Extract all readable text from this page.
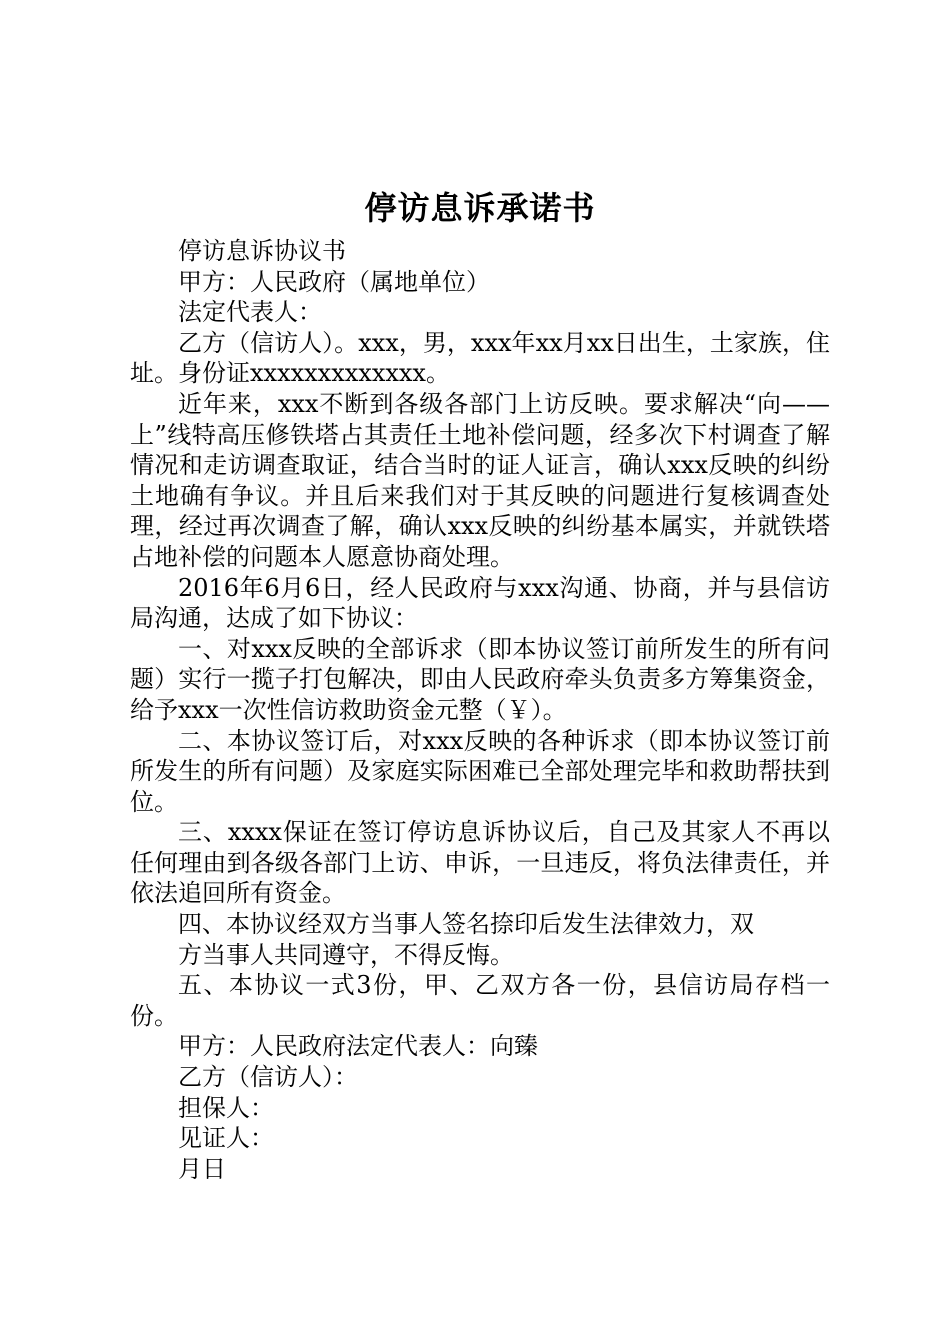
停访息诉承诺书

停访息诉协议书

甲方：人民政府（属地单位）

法定代表人：

乙方（信访人）。xxx，男，xxx年xx月xx日出生，土家族，住址。身份证xxxxxxxxxxxxx。

近年来，xxx不断到各级各部门上访反映。要求解决“向——上”线特高压修铁塔占其责任土地补偿问题，经多次下村调查了解情况和走访调查取证，结合当时的证人证言，确认xxx反映的纠纷土地确有争议。并且后来我们对于其反映的问题进行复核调查处理，经过再次调查了解，确认xxx反映的纠纷基本属实，并就铁塔占地补偿的问题本人愿意协商处理。

2016年6月6日，经人民政府与xxx沟通、协商，并与县信访局沟通，达成了如下协议：

一、对xxx反映的全部诉求（即本协议签订前所发生的所有问题）实行一揽子打包解决，即由人民政府牵头负责多方筹集资金，给予xxx一次性信访救助资金元整（￥）。

二、本协议签订后，对xxx反映的各种诉求（即本协议签订前所发生的所有问题）及家庭实际困难已全部处理完毕和救助帮扶到位。

三、xxxx保证在签订停访息诉协议后，自己及其家人不再以任何理由到各级各部门上访、申诉，一旦违反，将负法律责任，并依法追回所有资金。

四、本协议经双方当事人签名捺印后发生法律效力，双

方当事人共同遵守，不得反悔。

五、本协议一式3份，甲、乙双方各一份，县信访局存档一份。

甲方：人民政府法定代表人：向臻

乙方（信访人）：

担保人：

见证人：

月日
